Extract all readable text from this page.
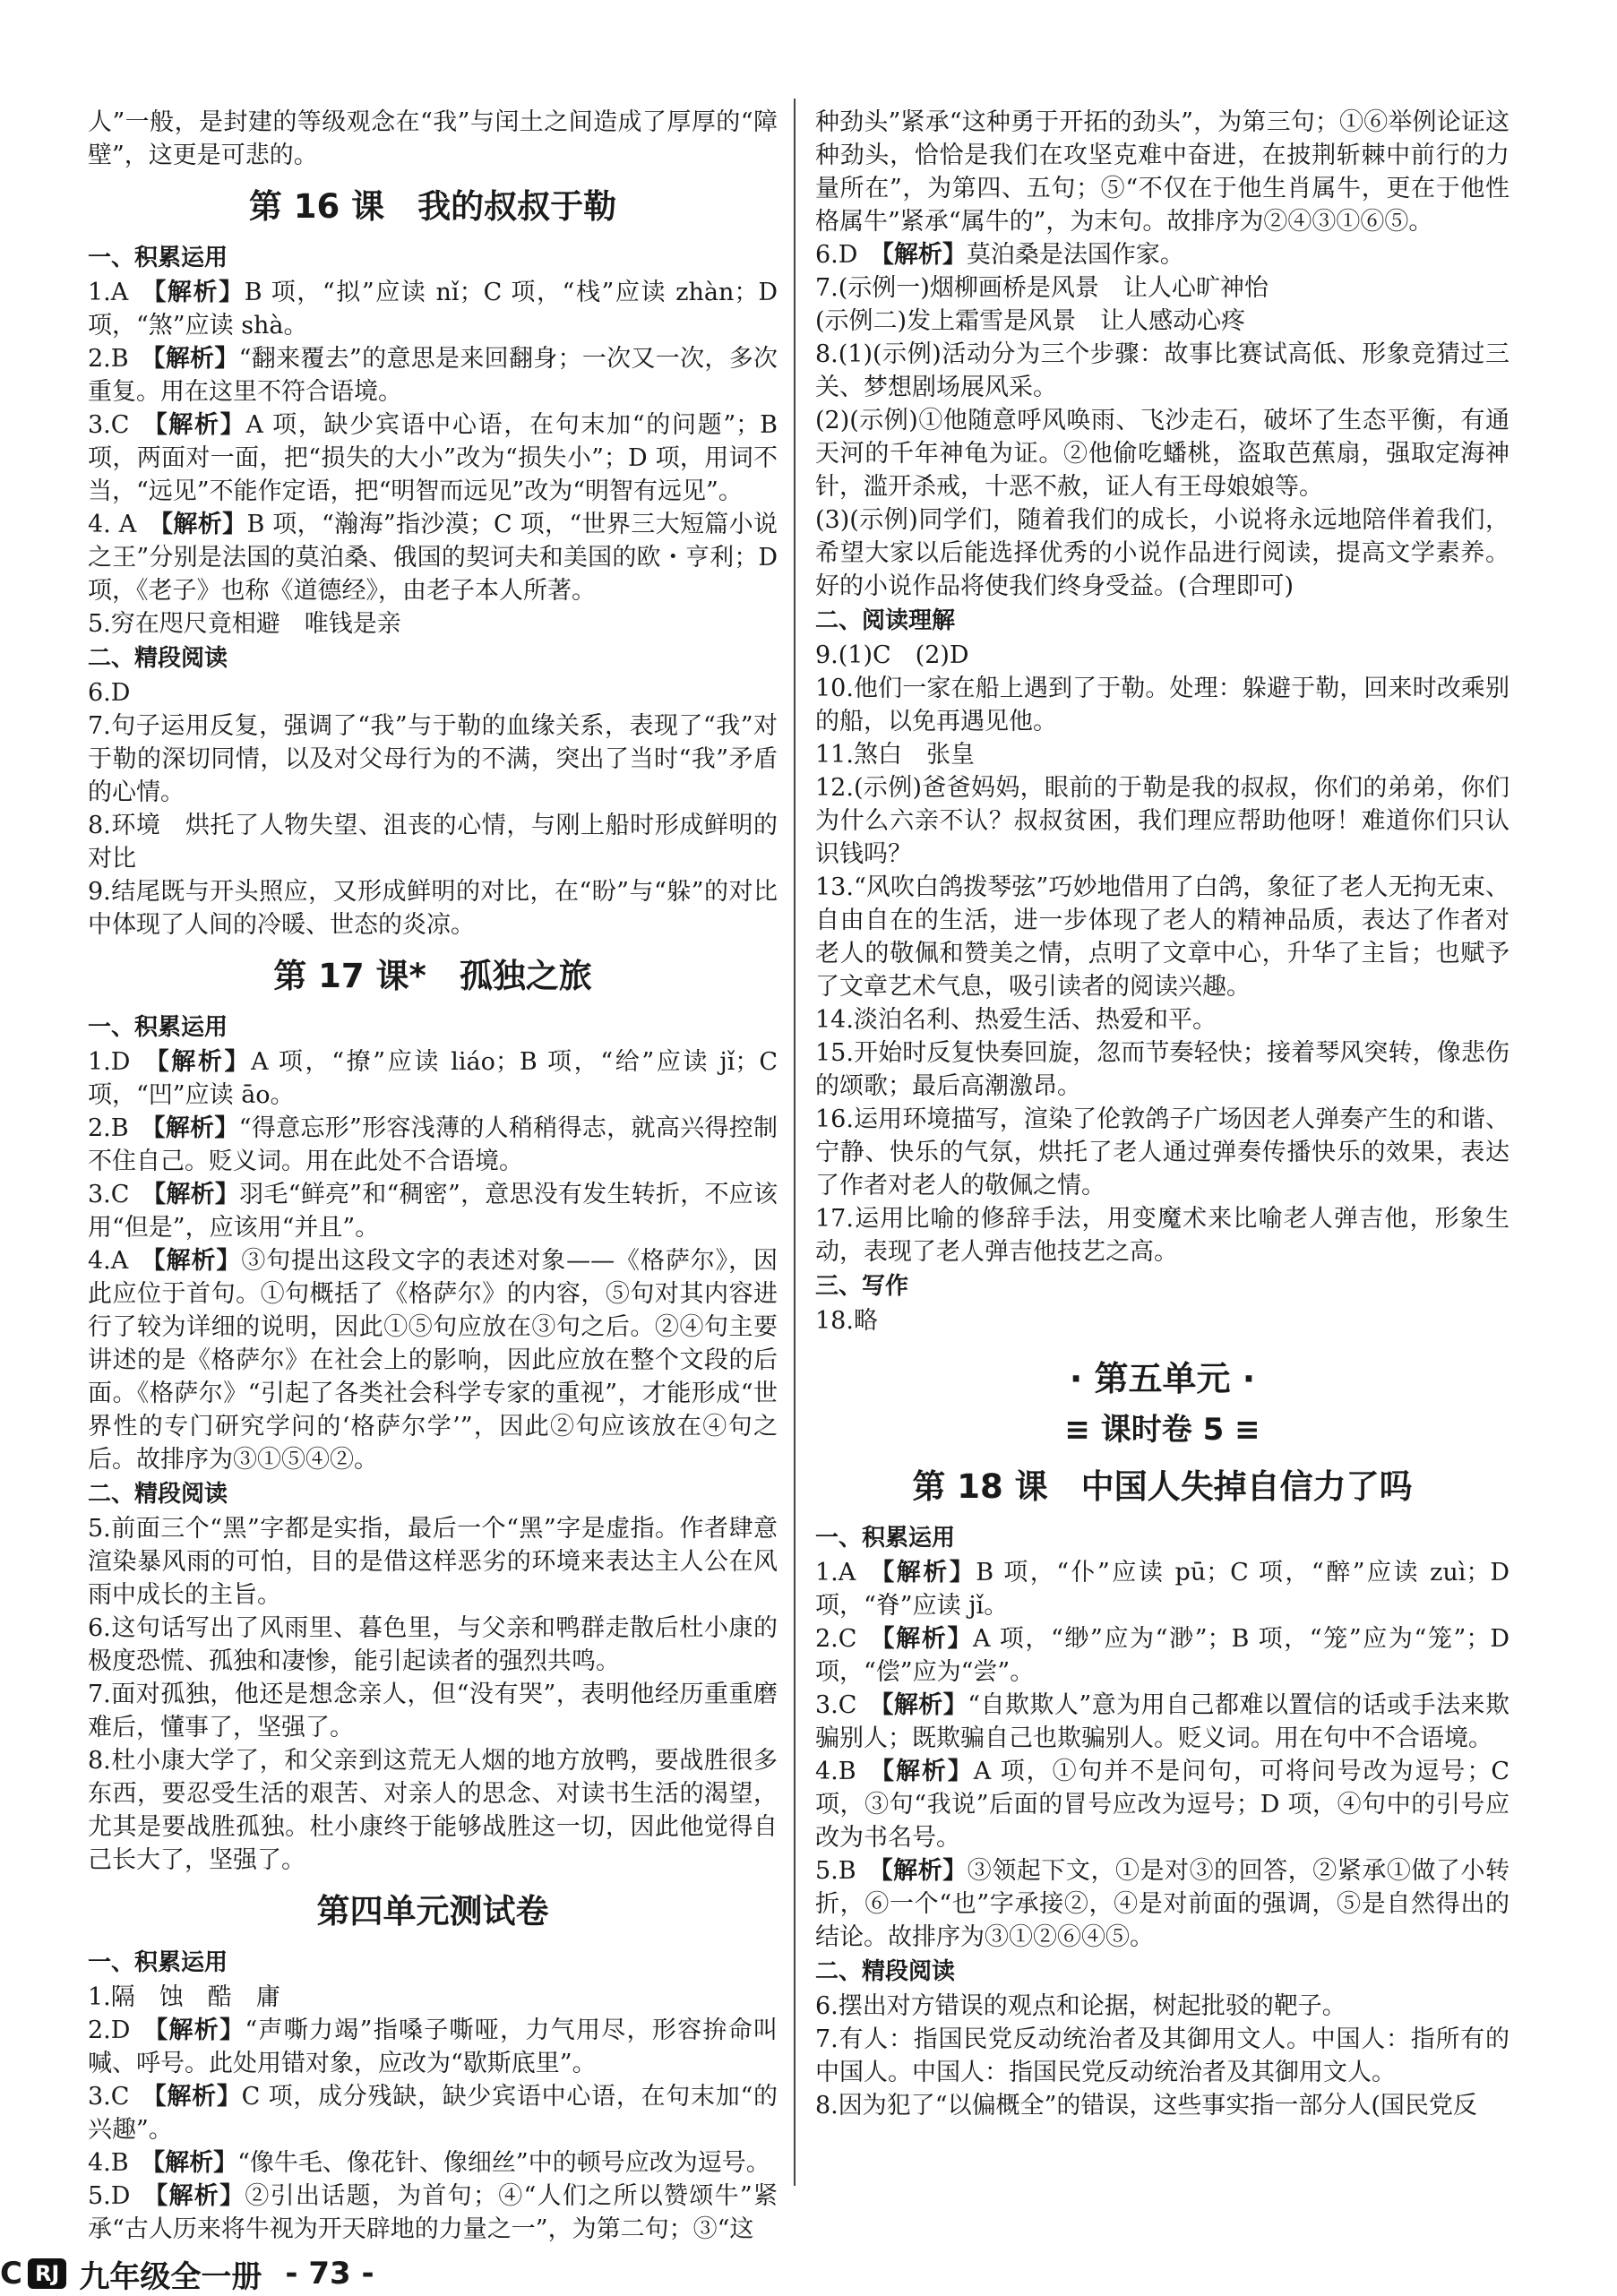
人”一般，是封建的等级观念在“我”与闰土之间造成了厚厚的“障壁”，这更是可悲的。
第 16 课　我的叔叔于勒
一、积累运用
1.A  【解析】B 项，“拟”应读 nǐ；C 项，“栈”应读 zhàn；D 项，“煞”应读 shà。
2.B  【解析】“翻来覆去”的意思是来回翻身；一次又一次，多次重复。用在这里不符合语境。
3.C  【解析】A 项，缺少宾语中心语，在句末加“的问题”；B 项，两面对一面，把“损失的大小”改为“损失小”；D 项，用词不当，“远见”不能作定语，把“明智而远见”改为“明智有远见”。
4. A  【解析】B 项，“瀚海”指沙漠；C 项，“世界三大短篇小说之王”分别是法国的莫泊桑、俄国的契诃夫和美国的欧・亨利；D 项，《老子》也称《道德经》，由老子本人所著。
5.穷在咫尺竟相避　唯钱是亲
二、精段阅读
6.D
7.句子运用反复，强调了“我”与于勒的血缘关系，表现了“我”对于勒的深切同情，以及对父母行为的不满，突出了当时“我”矛盾的心情。
8.环境　烘托了人物失望、沮丧的心情，与刚上船时形成鲜明的对比
9.结尾既与开头照应，又形成鲜明的对比，在“盼”与“躲”的对比中体现了人间的冷暖、世态的炎凉。
第 17 课*　孤独之旅
一、积累运用
1.D  【解析】A 项，“撩”应读 liáo；B 项，“给”应读 jǐ；C 项，“凹”应读 āo。
2.B  【解析】“得意忘形”形容浅薄的人稍稍得志，就高兴得控制不住自己。贬义词。用在此处不合语境。
3.C  【解析】羽毛“鲜亮”和“稠密”，意思没有发生转折，不应该用“但是”，应该用“并且”。
4.A  【解析】③句提出这段文字的表述对象——《格萨尔》，因此应位于首句。①句概括了《格萨尔》的内容，⑤句对其内容进行了较为详细的说明，因此①⑤句应放在③句之后。②④句主要讲述的是《格萨尔》在社会上的影响，因此应放在整个文段的后面。《格萨尔》“引起了各类社会科学专家的重视”，才能形成“世界性的专门研究学问的‘格萨尔学’”，因此②句应该放在④句之后。故排序为③①⑤④②。
二、精段阅读
5.前面三个“黑”字都是实指，最后一个“黑”字是虚指。作者肆意渲染暴风雨的可怕，目的是借这样恶劣的环境来表达主人公在风雨中成长的主旨。
6.这句话写出了风雨里、暮色里，与父亲和鸭群走散后杜小康的极度恐慌、孤独和凄惨，能引起读者的强烈共鸣。
7.面对孤独，他还是想念亲人，但“没有哭”，表明他经历重重磨难后，懂事了，坚强了。
8.杜小康大学了，和父亲到这荒无人烟的地方放鸭，要战胜很多东西，要忍受生活的艰苦、对亲人的思念、对读书生活的渴望，尤其是要战胜孤独。杜小康终于能够战胜这一切，因此他觉得自己长大了，坚强了。
第四单元测试卷
一、积累运用
1.隔　蚀　酷　庸
2.D  【解析】“声嘶力竭”指嗓子嘶哑，力气用尽，形容拚命叫喊、呼号。此处用错对象，应改为“歇斯底里”。
3.C  【解析】C 项，成分残缺，缺少宾语中心语，在句末加“的兴趣”。
4.B  【解析】“像牛毛、像花针、像细丝”中的顿号应改为逗号。
5.D  【解析】②引出话题，为首句；④“人们之所以赞颂牛”紧承“古人历来将牛视为开天辟地的力量之一”，为第二句；③“这
种劲头”紧承“这种勇于开拓的劲头”，为第三句；①⑥举例论证这种劲头，恰恰是我们在攻坚克难中奋进，在披荆斩棘中前行的力量所在”，为第四、五句；⑤“不仅在于他生肖属牛，更在于他性格属牛”紧承“属牛的”，为末句。故排序为②④③①⑥⑤。
6.D  【解析】莫泊桑是法国作家。
7.(示例一)烟柳画桥是风景　让人心旷神怡
(示例二)发上霜雪是风景　让人感动心疼
8.(1)(示例)活动分为三个步骤：故事比赛试高低、形象竞猜过三关、梦想剧场展风采。
(2)(示例)①他随意呼风唤雨、飞沙走石，破坏了生态平衡，有通天河的千年神龟为证。②他偷吃蟠桃，盗取芭蕉扇，强取定海神针，滥开杀戒，十恶不赦，证人有王母娘娘等。
(3)(示例)同学们，随着我们的成长，小说将永远地陪伴着我们，希望大家以后能选择优秀的小说作品进行阅读，提高文学素养。好的小说作品将使我们终身受益。(合理即可)
二、阅读理解
9.(1)C　(2)D
10.他们一家在船上遇到了于勒。处理：躲避于勒，回来时改乘别的船，以免再遇见他。
11.煞白　张皇
12.(示例)爸爸妈妈，眼前的于勒是我的叔叔，你们的弟弟，你们为什么六亲不认？叔叔贫困，我们理应帮助他呀！难道你们只认识钱吗？
13.“风吹白鸽拨琴弦”巧妙地借用了白鸽，象征了老人无拘无束、自由自在的生活，进一步体现了老人的精神品质，表达了作者对老人的敬佩和赞美之情，点明了文章中心，升华了主旨；也赋予了文章艺术气息，吸引读者的阅读兴趣。
14.淡泊名利、热爱生活、热爱和平。
15.开始时反复快奏回旋，忽而节奏轻快；接着琴风突转，像悲伤的颂歌；最后高潮激昂。
16.运用环境描写，渲染了伦敦鸽子广场因老人弹奏产生的和谐、宁静、快乐的气氛，烘托了老人通过弹奏传播快乐的效果，表达了作者对老人的敬佩之情。
17.运用比喻的修辞手法，用变魔术来比喻老人弹吉他，形象生动，表现了老人弹吉他技艺之高。
三、写作
18.略
· 第五单元 ·
≡ 课时卷 5 ≡
第 18 课　中国人失掉自信力了吗
一、积累运用
1.A  【解析】B 项，“仆”应读 pū；C 项，“醉”应读 zuì；D 项，“脊”应读 jǐ。
2.C  【解析】A 项，“缈”应为“渺”；B 项，“笼”应为“笼”；D 项，“偿”应为“尝”。
3.C  【解析】“自欺欺人”意为用自己都难以置信的话或手法来欺骗别人；既欺骗自己也欺骗别人。贬义词。用在句中不合语境。
4.B  【解析】A 项，①句并不是问句，可将问号改为逗号；C 项，③句“我说”后面的冒号应改为逗号；D 项，④句中的引号应改为书名号。
5.B  【解析】③领起下文，①是对③的回答，②紧承①做了小转折，⑥一个“也”字承接②，④是对前面的强调，⑤是自然得出的结论。故排序为③①②⑥④⑤。
二、精段阅读
6.摆出对方错误的观点和论据，树起批驳的靶子。
7.有人：指国民党反动统治者及其御用文人。中国人：指所有的中国人。中国人：指国民党反动统治者及其御用文人。
8.因为犯了“以偏概全”的错误，这些事实指一部分人(国民党反
C RJ 九年级全一册 - 73 -
